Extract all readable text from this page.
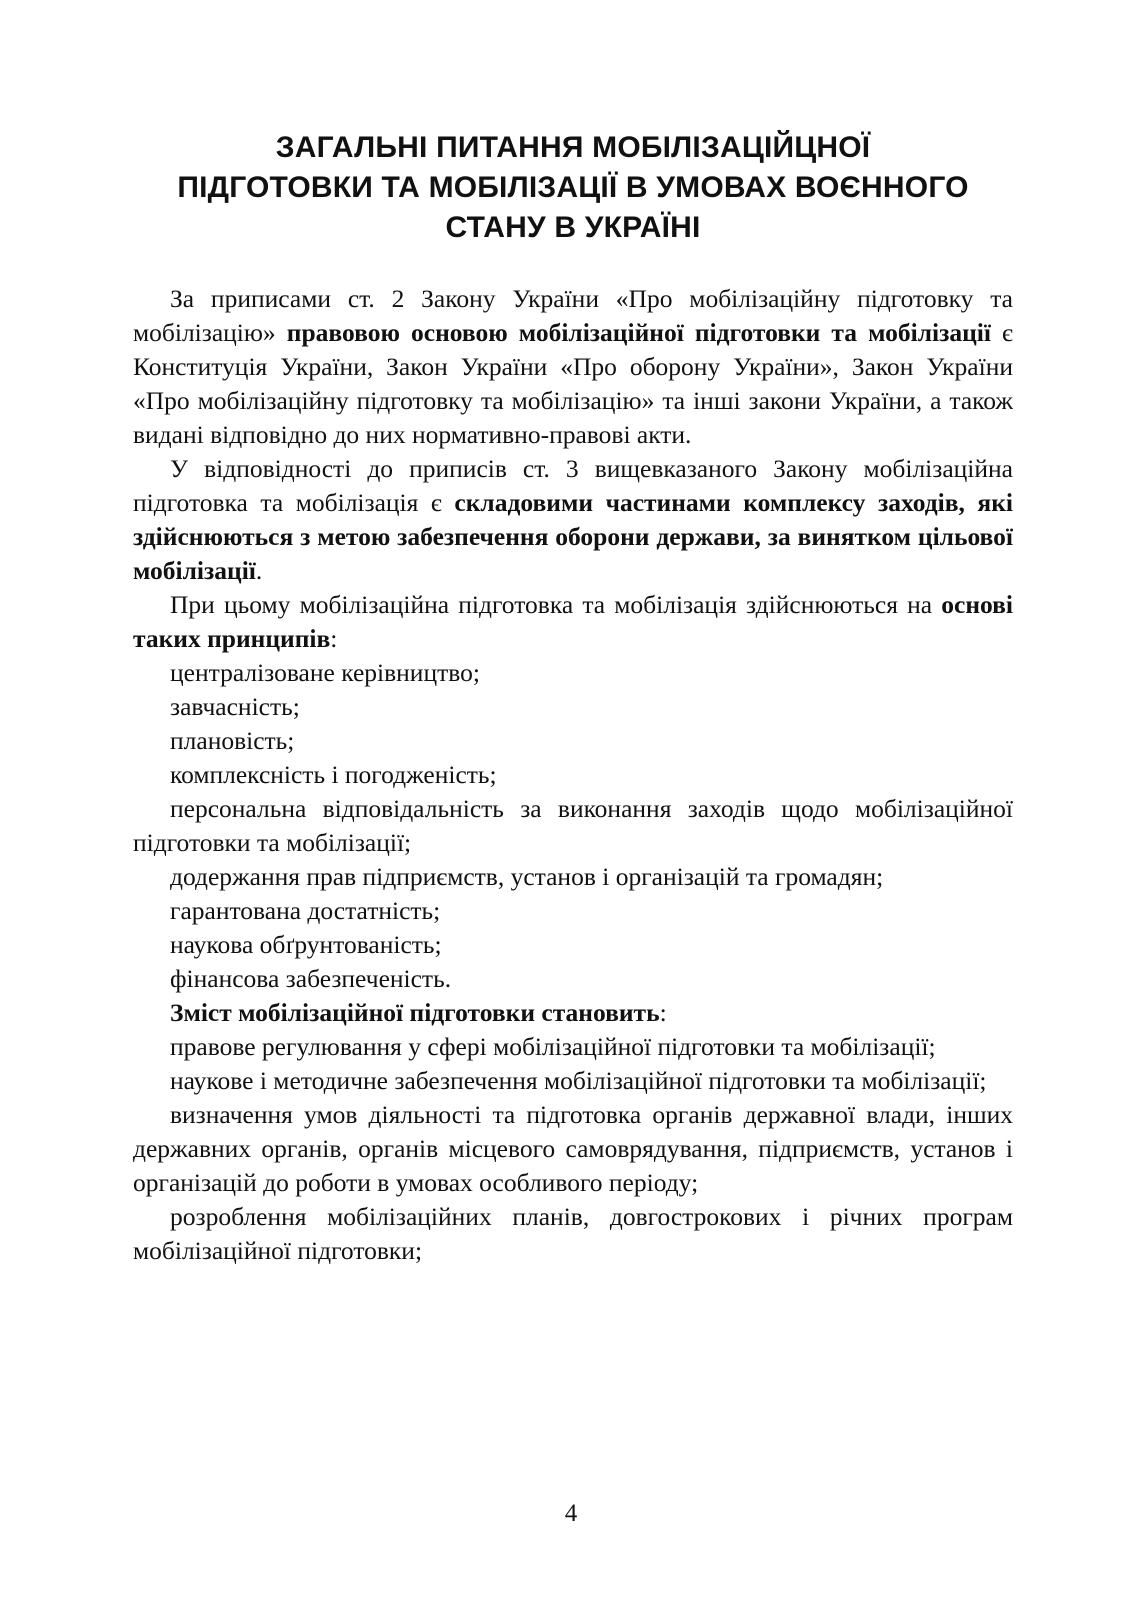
ЗАГАЛЬНІ ПИТАННЯ МОБІЛІЗАЦІЙЦНОЇ
ПІДГОТОВКИ ТА МОБІЛІЗАЦІЇ В УМОВАХ ВОЄННОГО
СТАНУ В УКРАЇНІ

За приписами ст. 2 Закону України «Про мобілізаційну підготовку та мобілізацію» правовою основою мобілізаційної підготовки та мобілізації є Конституція України, Закон України «Про оборону України», Закон України «Про мобілізаційну підготовку та мобілізацію» та інші закони України, а також видані відповідно до них нормативно-правові акти.

У відповідності до приписів ст. 3 вищевказаного Закону мобілізаційна підготовка та мобілізація є складовими частинами комплексу заходів, які здійснюються з метою забезпечення оборони держави, за винятком цільової мобілізації.

При цьому мобілізаційна підготовка та мобілізація здійснюються на основі таких принципів:

централізоване керівництво;

завчасність;

плановість;

комплексність і погодженість;

персональна відповідальність за виконання заходів щодо мобілізаційної підготовки та мобілізації;

додержання прав підприємств, установ і організацій та громадян;

гарантована достатність;

наукова обґрунтованість;

фінансова забезпеченість.

Зміст мобілізаційної підготовки становить:

правове регулювання у сфері мобілізаційної підготовки та мобілізації;

наукове і методичне забезпечення мобілізаційної підготовки та мобілізації;

визначення умов діяльності та підготовка органів державної влади, інших державних органів, органів місцевого самоврядування, підприємств, установ і організацій до роботи в умовах особливого періоду;

розроблення мобілізаційних планів, довгострокових і річних програм мобілізаційної підготовки;

4
